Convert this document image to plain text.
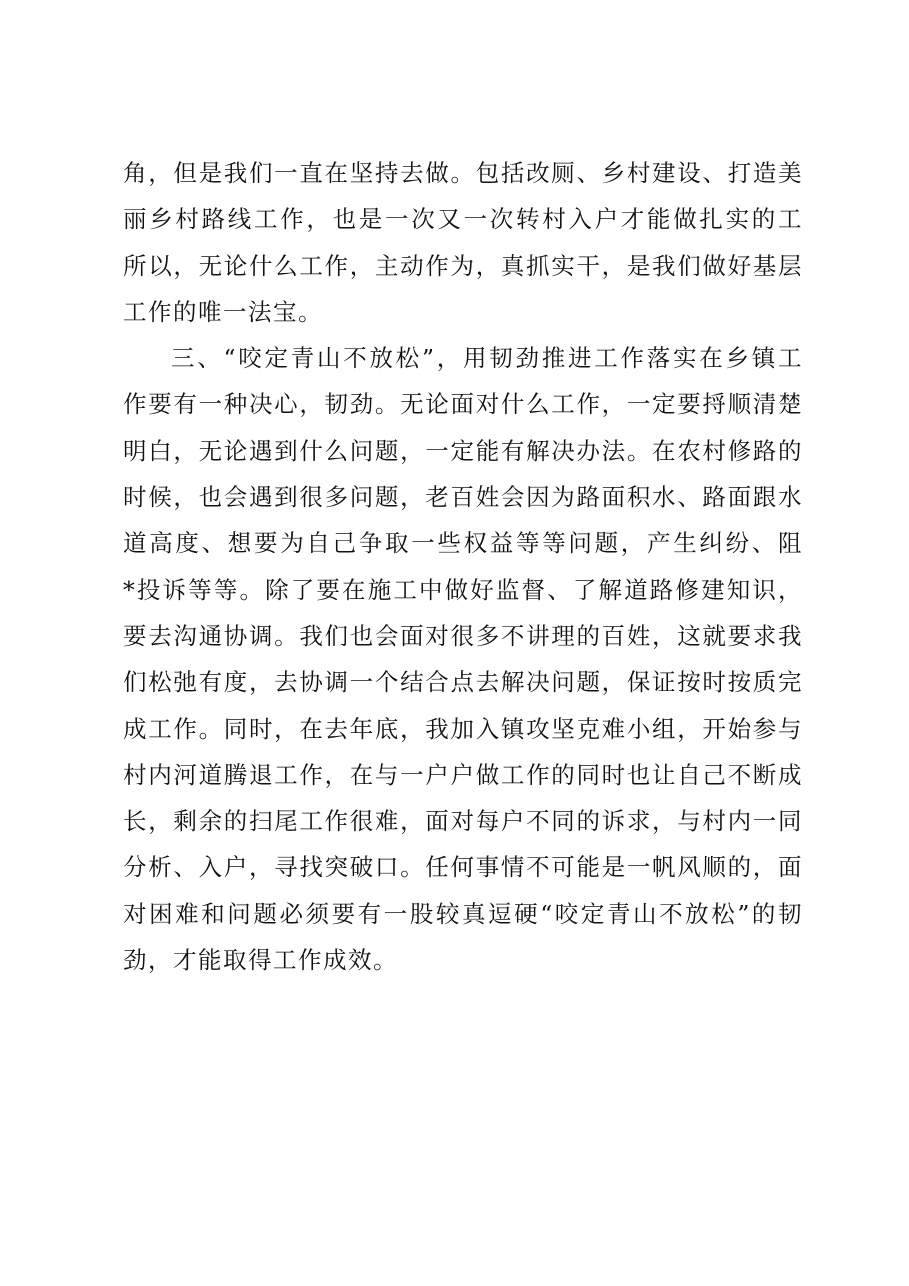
角，但是我们一直在坚持去做。包括改厕、乡村建设、打造美
丽乡村路线工作，也是一次又一次转村入户才能做扎实的工
所以，无论什么工作，主动作为，真抓实干，是我们做好基层
工作的唯一法宝。
三、“咬定青山不放松”，用韧劲推进工作落实在乡镇工
作要有一种决心，韧劲。无论面对什么工作，一定要捋顺清楚
明白，无论遇到什么问题，一定能有解决办法。在农村修路的
时候，也会遇到很多问题，老百姓会因为路面积水、路面跟水
道高度、想要为自己争取一些权益等等问题，产生纠纷、阻
*投诉等等。除了要在施工中做好监督、了解道路修建知识，
要去沟通协调。我们也会面对很多不讲理的百姓，这就要求我
们松弛有度，去协调一个结合点去解决问题，保证按时按质完
成工作。同时，在去年底，我加入镇攻坚克难小组，开始参与
村内河道腾退工作，在与一户户做工作的同时也让自己不断成
长，剩余的扫尾工作很难，面对每户不同的诉求，与村内一同
分析、入户，寻找突破口。任何事情不可能是一帆风顺的，面
对困难和问题必须要有一股较真逗硬“咬定青山不放松”的韧
劲，才能取得工作成效。
